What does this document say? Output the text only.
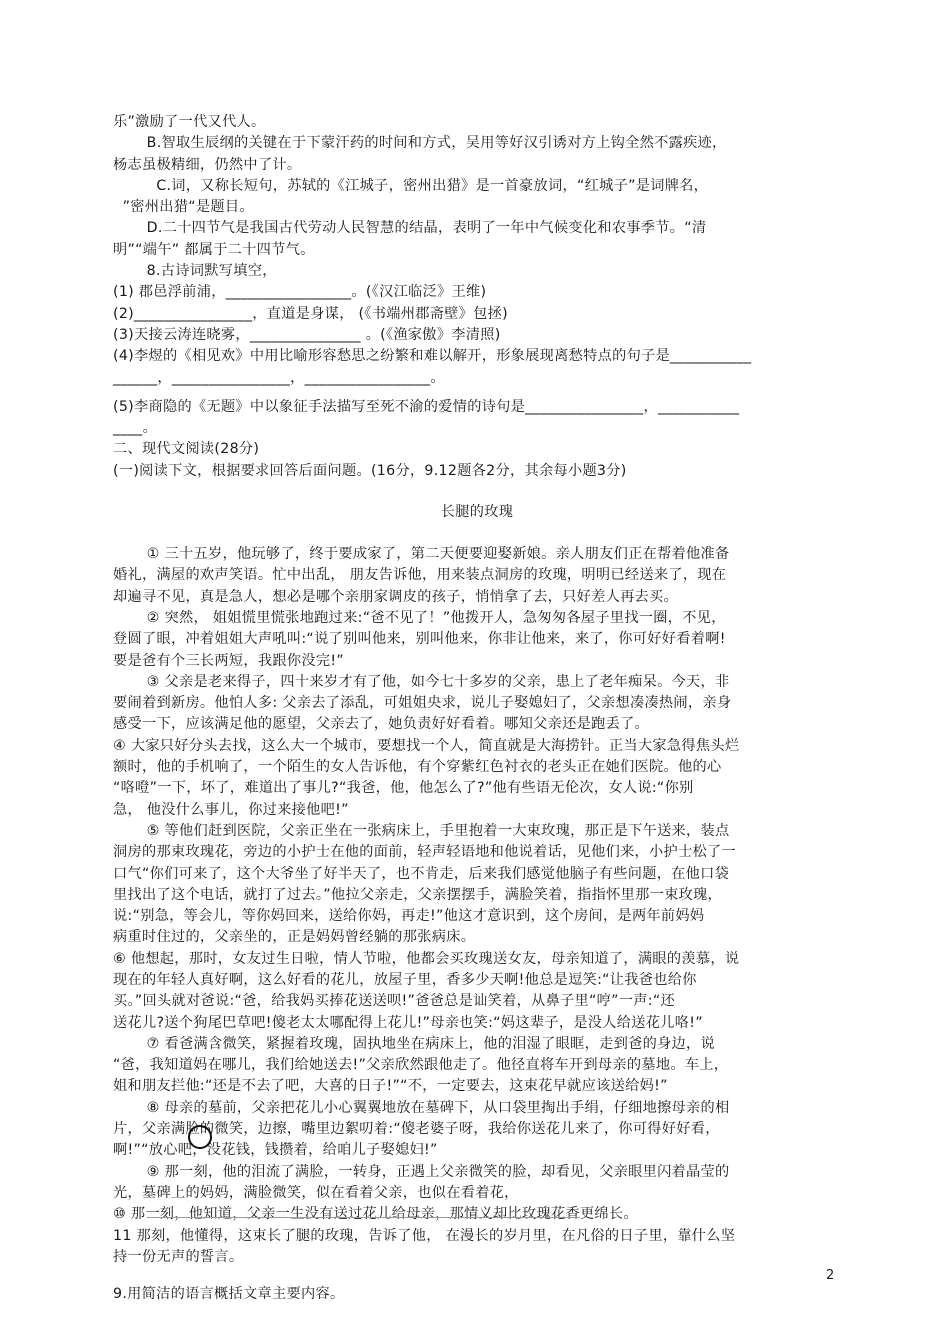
乐”激励了一代又代人。
B.智取生辰纲的关键在于下蒙汗药的时间和方式，吴用等好汉引诱对方上钩全然不露疾迹，
杨志虽极精细，仍然中了计。
C.词，又称长短句，苏轼的《江城子，密州出猎》是一首豪放词，“红城子”是词牌名，
”密州出猎“是题目。
D.二十四节气是我国古代劳动人民智慧的结晶，表明了一年中气候变化和农事季节。“清
明”“端午” 都属于二十四节气。
8.古诗词默写填空，
(1) 郡邑浮前浦，_________________。(《汉江临泛》王维)
(2)________________，直道是身谋， (《书端州郡斋壁》包拯)
(3)天接云涛连晓雾，_______________ 。(《渔家傲》李清照)
(4)李煜的《相见欢》中用比喻形容愁思之纷繁和难以解开，形象展现离愁特点的句子是___________
______，________________，_________________。
(5)李商隐的《无题》中以象征手法描写至死不渝的爱情的诗句是________________，___________
____。
二、现代文阅读(28分)
(一)阅读下文，根据要求回答后面问题。(16分，9.12题各2分，其余每小题3分)
长腿的玫瑰
① 三十五岁，他玩够了，终于要成家了，第二天便要迎娶新娘。亲人朋友们正在帮着他准备
婚礼，满屋的欢声笑语。忙中出乱， 朋友告诉他，用来装点洞房的玫瑰，明明已经送来了，现在
却遍寻不见，真是急人，想必是哪个亲朋家调皮的孩子，悄悄拿了去，只好差人再去买。
② 突然， 姐姐慌里慌张地跑过来:“爸不见了！”他拨开人，急匆匆各屋子里找一圈，不见，
登圆了眼，冲着姐姐大声吼叫:“说了别叫他来，别叫他来，你非让他来，来了，你可好好看着啊!
要是爸有个三长两短，我跟你没完!”
③ 父亲是老来得子，四十来岁才有了他，如今七十多岁的父亲，患上了老年痴呆。今天，非
要闹着到新房。他怕人多: 父亲去了添乱，可姐姐央求，说儿子娶媳妇了，父亲想凑凑热闹，亲身
感受一下，应该满足他的愿望，父亲去了，她负责好好看着。哪知父亲还是跑丢了。
④ 大家只好分头去找，这么大一个城市，要想找一个人，简直就是大海捞针。正当大家急得焦头烂
额时，他的手机响了，一个陌生的女人告诉他，有个穿紫红色衬衣的老头正在她们医院。他的心
“咯噔”一下，坏了，难道出了事儿?“我爸，他，他怎么了?”他有些语无伦次，女人说:“你别
急， 他没什么事儿，你过来接他吧!”
⑤ 等他们赶到医院，父亲正坐在一张病床上，手里抱着一大束玫瑰，那正是下午送来，装点
洞房的那束玫瑰花，旁边的小护士在他的面前，轻声轻语地和他说着话，见他们来，小护士松了一
口气“你们可来了，这个大爷坐了好半天了，也不肯走，后来我们感觉他脑子有些问题，在他口袋
里找出了这个电话，就打了过去。”他拉父亲走，父亲摆摆手，满脸笑着，指指怀里那一束玫瑰，
说:“别急，等会儿，等你妈回来，送给你妈，再走!”他这才意识到，这个房间，是两年前妈妈
病重时住过的，父亲坐的，正是妈妈曾经躺的那张病床。
⑥ 他想起，那时，女友过生日啦，情人节啦，他都会买玫瑰送女友，母亲知道了，满眼的羡慕，说
现在的年轻人真好啊，这么好看的花儿，放屋子里，香多少天啊!他总是逗笑:“让我爸也给你
买。”回头就对爸说:“爸，给我妈买捧花送送呗!”爸爸总是讪笑着，从鼻子里“哼”一声:“还
送花儿?送个狗尾巴草吧!傻老太太哪配得上花儿!”母亲也笑:“妈这辈子，是没人给送花儿咯!”
⑦ 看爸满含微笑，紧握着玫瑰，固执地坐在病床上，他的泪湿了眼眶，走到爸的身边，说
“爸，我知道妈在哪儿，我们给她送去!”父亲欣然跟他走了。他径直将车开到母亲的墓地。车上，
姐和朋友拦他:“还是不去了吧，大喜的日子!”“不，一定要去，这束花早就应该送给妈!”
⑧ 母亲的墓前，父亲把花儿小心翼翼地放在墓碑下，从口袋里掏出手绢，仔细地擦母亲的相
片，父亲满脸的微笑，边擦，嘴里边絮叨着:“傻老婆子呀，我给你送花儿来了，你可得好好看，
啊!”“放心吧，没花钱，钱攒着，给咱儿子娶媳妇!”
⑨ 那一刻，他的泪流了满脸，一转身，正遇上父亲微笑的脸，却看见，父亲眼里闪着晶莹的
光，墓碑上的妈妈，满脸微笑，似在看着父亲，也似在看着花，
⑩ 那一刻，他知道，父亲一生没有送过花儿给母亲，那情义却比玫瑰花香更绵长。
11 那刻，他懂得，这束长了腿的玫瑰，告诉了他， 在漫长的岁月里，在凡俗的日子里，靠什么坚
持一份无声的誓言。
9.用简洁的语言概括文章主要内容。
2
